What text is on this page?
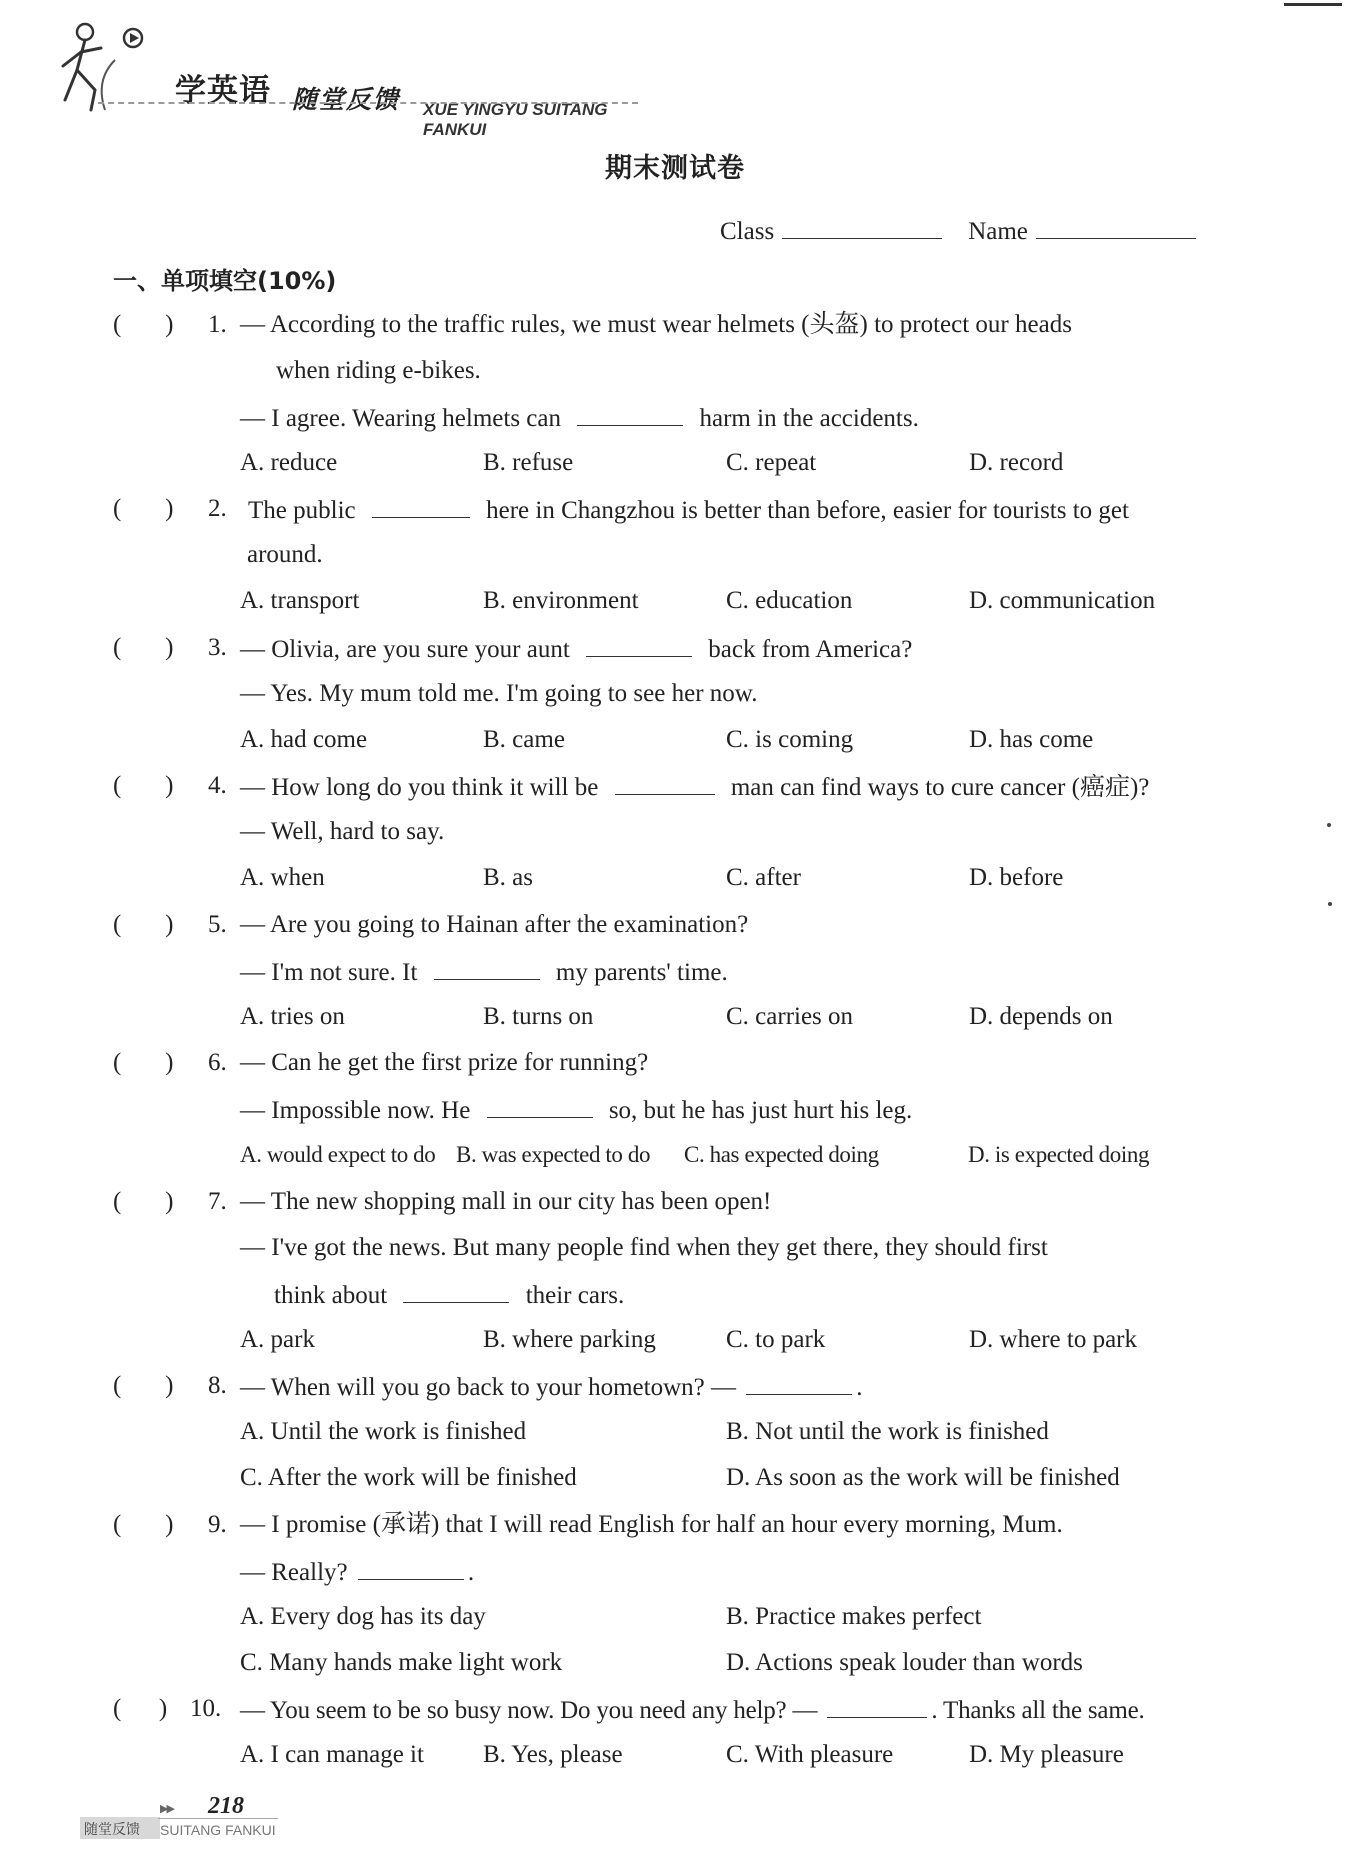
学英语 随堂反馈 XUE YINGYU SUITANG FANKUI
期末测试卷
Class	Name
一、单项填空(10%)
(       ) 1. — According to the traffic rules, we must wear helmets (头盔) to protect our heads
when riding e-bikes.
— I agree. Wearing helmets can	harm in the accidents.
A. reduce	B. refuse	C. repeat	D. record
(       ) 2. The public	here in Changzhou is better than before, easier for tourists to get
around.
A. transport	B. environment	C. education	D. communication
(       ) 3. — Olivia, are you sure your aunt	back from America?
— Yes. My mum told me. I'm going to see her now.
A. had come	B. came	C. is coming	D. has come
(       ) 4. — How long do you think it will be	man can find ways to cure cancer (癌症)?
— Well, hard to say.
A. when	B. as	C. after	D. before
(       ) 5. — Are you going to Hainan after the examination?
— I'm not sure. It	my parents' time.
A. tries on	B. turns on	C. carries on	D. depends on
(       ) 6. — Can he get the first prize for running?
— Impossible now. He	so, but he has just hurt his leg.
A. would expect to do B. was expected to do C. has expected doing	D. is expected doing
(       ) 7. — The new shopping mall in our city has been open!
— I've got the news. But many people find when they get there, they should first
think about	their cars.
A. park	B. where parking	C. to park	D. where to park
(       ) 8. — When will you go back to your hometown? —	.
A. Until the work is finished	B. Not until the work is finished
C. After the work will be finished	D. As soon as the work will be finished
(       ) 9. — I promise (承诺) that I will read English for half an hour every morning, Mum.
— Really?	.
A. Every dog has its day	B. Practice makes perfect
C. Many hands make light work	D. Actions speak louder than words
(      ) 10. — You seem to be so busy now. Do you need any help? —	. Thanks all the same.
A. I can manage it B. Yes, please	C. With pleasure	D. My pleasure
▶▶ 218
随堂反馈 SUITANG FANKUI
